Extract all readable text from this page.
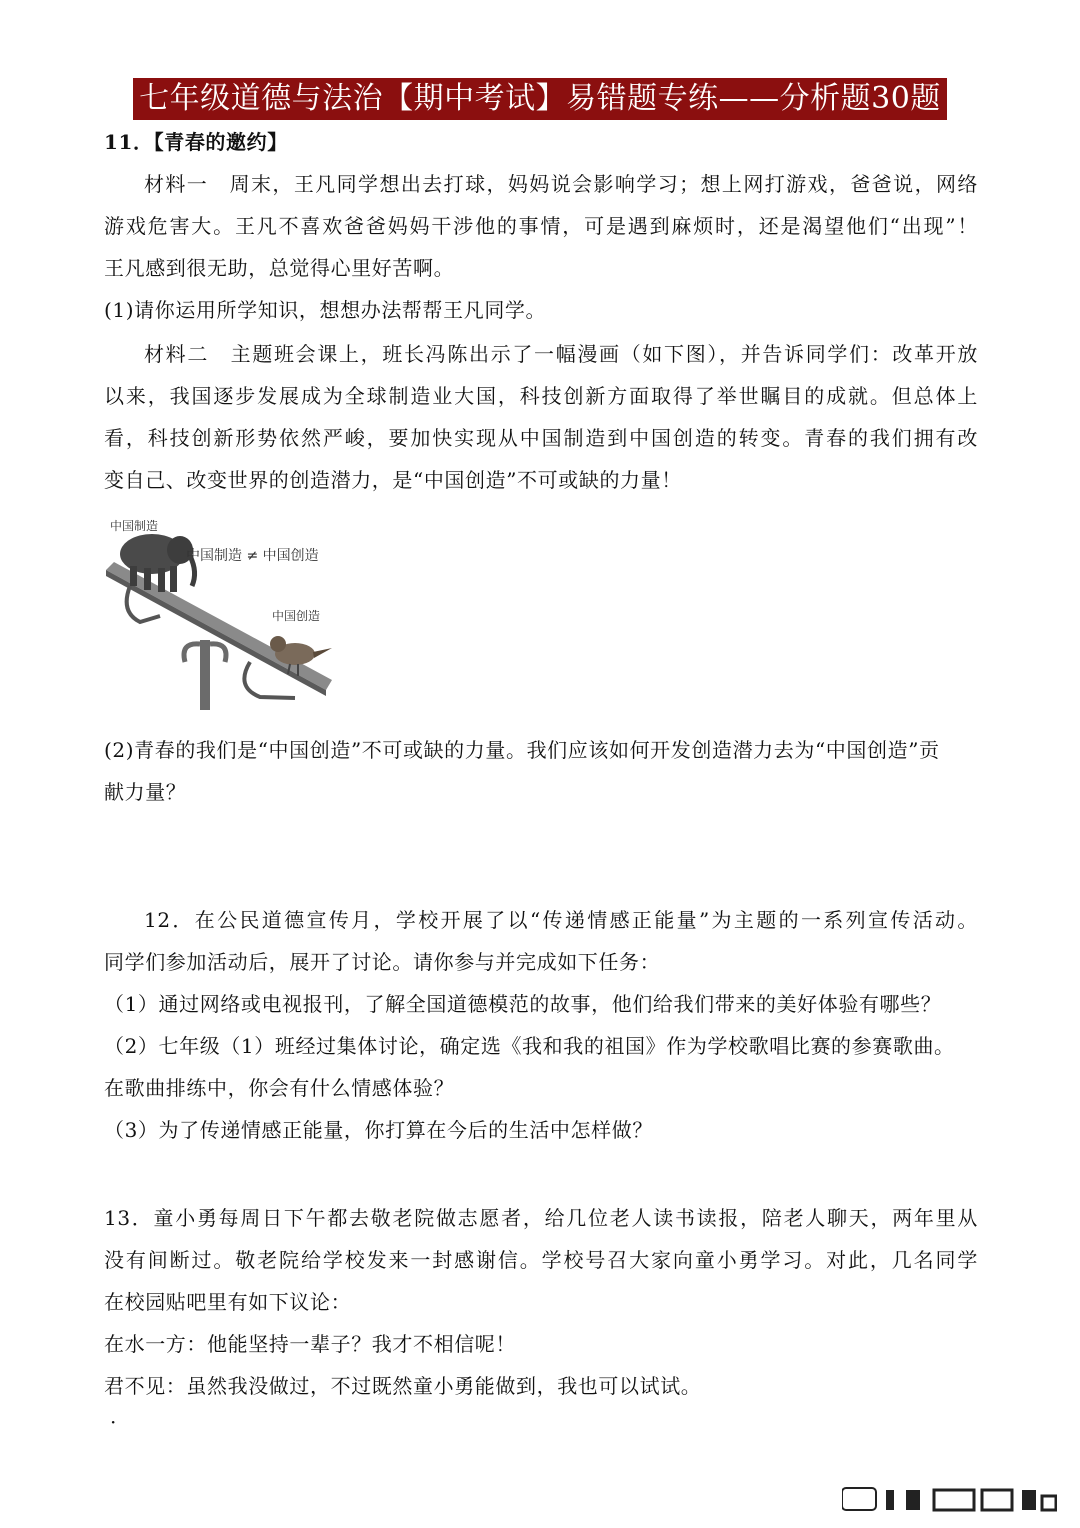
七年级道德与法治【期中考试】易错题专练——分析题30题
11．【青春的邀约】
材料一　周末，王凡同学想出去打球，妈妈说会影响学习；想上网打游戏，爸爸说，网络
游戏危害大。王凡不喜欢爸爸妈妈干涉他的事情，可是遇到麻烦时，还是渴望他们“出现”！
王凡感到很无助，总觉得心里好苦啊。
(1)请你运用所学知识，想想办法帮帮王凡同学。
材料二　主题班会课上，班长冯陈出示了一幅漫画（如下图），并告诉同学们：改革开放
以来，我国逐步发展成为全球制造业大国，科技创新方面取得了举世瞩目的成就。但总体上
看，科技创新形势依然严峻，要加快实现从中国制造到中国创造的转变。青春的我们拥有改
变自己、改变世界的创造潜力，是“中国创造”不可或缺的力量！
中国制造
中国制造 ≠ 中国创造
中国创造
(2)青春的我们是“中国创造”不可或缺的力量。我们应该如何开发创造潜力去为“中国创造”贡
献力量？
12．在公民道德宣传月，学校开展了以“传递情感正能量”为主题的一系列宣传活动。
同学们参加活动后，展开了讨论。请你参与并完成如下任务：
（1）通过网络或电视报刊，了解全国道德模范的故事，他们给我们带来的美好体验有哪些？
（2）七年级（1）班经过集体讨论，确定选《我和我的祖国》作为学校歌唱比赛的参赛歌曲。
在歌曲排练中，你会有什么情感体验？
（3）为了传递情感正能量，你打算在今后的生活中怎样做？
13．童小勇每周日下午都去敬老院做志愿者，给几位老人读书读报，陪老人聊天，两年里从
没有间断过。敬老院给学校发来一封感谢信。学校号召大家向童小勇学习。对此，几名同学
在校园贴吧里有如下议论：
在水一方：他能坚持一辈子？我才不相信呢！
君不见：虽然我没做过，不过既然童小勇能做到，我也可以试试。
·
